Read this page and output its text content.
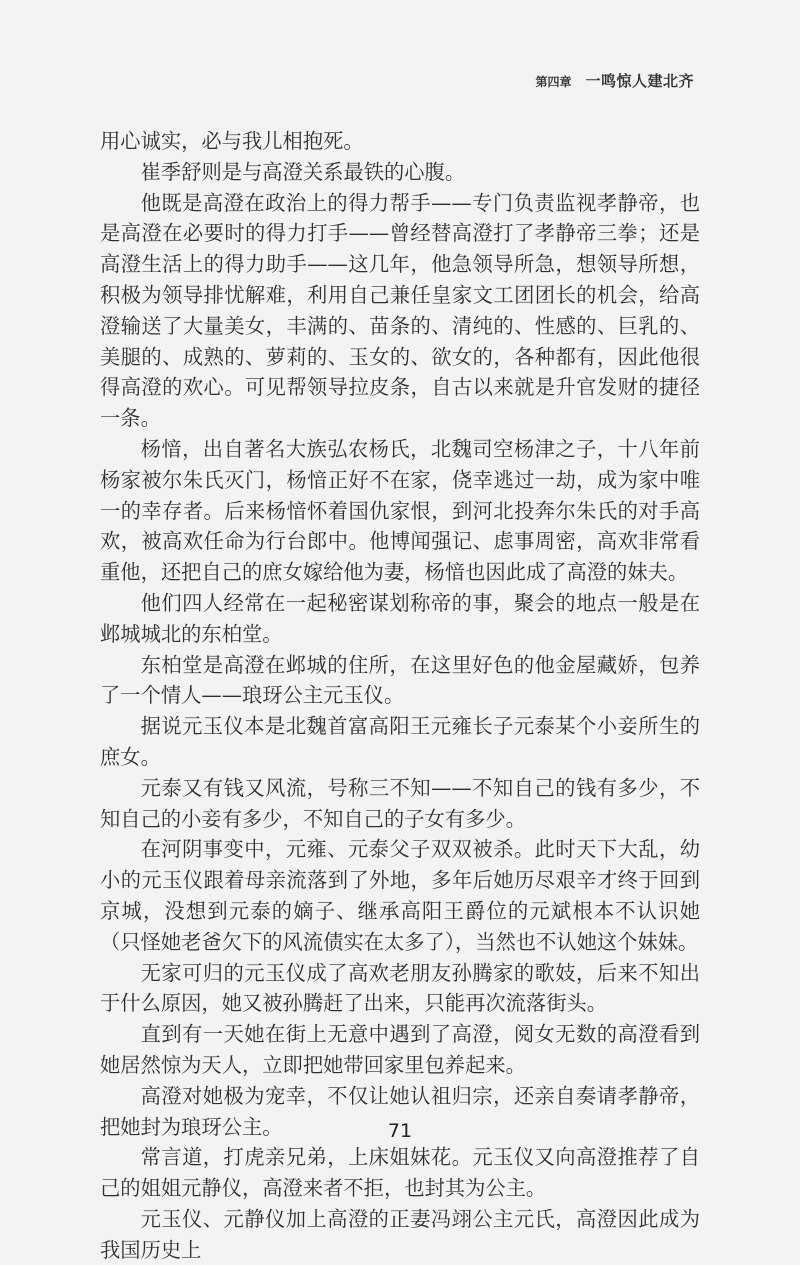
第四章 一鸣惊人建北齐

用心诚实，必与我儿相抱死。

崔季舒则是与高澄关系最铁的心腹。

他既是高澄在政治上的得力帮手——专门负责监视孝静帝，也是高澄在必要时的得力打手——曾经替高澄打了孝静帝三拳；还是高澄生活上的得力助手——这几年，他急领导所急，想领导所想，积极为领导排忧解难，利用自己兼任皇家文工团团长的机会，给高澄输送了大量美女，丰满的、苗条的、清纯的、性感的、巨乳的、美腿的、成熟的、萝莉的、玉女的、欲女的，各种都有，因此他很得高澄的欢心。可见帮领导拉皮条，自古以来就是升官发财的捷径一条。

杨愔，出自著名大族弘农杨氏，北魏司空杨津之子，十八年前杨家被尔朱氏灭门，杨愔正好不在家，侥幸逃过一劫，成为家中唯一的幸存者。后来杨愔怀着国仇家恨，到河北投奔尔朱氏的对手高欢，被高欢任命为行台郎中。他博闻强记、虑事周密，高欢非常看重他，还把自己的庶女嫁给他为妻，杨愔也因此成了高澄的妹夫。

他们四人经常在一起秘密谋划称帝的事，聚会的地点一般是在邺城城北的东柏堂。

东柏堂是高澄在邺城的住所，在这里好色的他金屋藏娇，包养了一个情人——琅玡公主元玉仪。

据说元玉仪本是北魏首富高阳王元雍长子元泰某个小妾所生的庶女。

元泰又有钱又风流，号称三不知——不知自己的钱有多少，不知自己的小妾有多少，不知自己的子女有多少。

在河阴事变中，元雍、元泰父子双双被杀。此时天下大乱，幼小的元玉仪跟着母亲流落到了外地，多年后她历尽艰辛才终于回到京城，没想到元泰的嫡子、继承高阳王爵位的元斌根本不认识她（只怪她老爸欠下的风流债实在太多了），当然也不认她这个妹妹。

无家可归的元玉仪成了高欢老朋友孙腾家的歌妓，后来不知出于什么原因，她又被孙腾赶了出来，只能再次流落街头。

直到有一天她在街上无意中遇到了高澄，阅女无数的高澄看到她居然惊为天人，立即把她带回家里包养起来。

高澄对她极为宠幸，不仅让她认祖归宗，还亲自奏请孝静帝，把她封为琅玡公主。

常言道，打虎亲兄弟，上床姐妹花。元玉仪又向高澄推荐了自己的姐姐元静仪，高澄来者不拒，也封其为公主。

元玉仪、元静仪加上高澄的正妻冯翊公主元氏，高澄因此成为我国历史上

71
